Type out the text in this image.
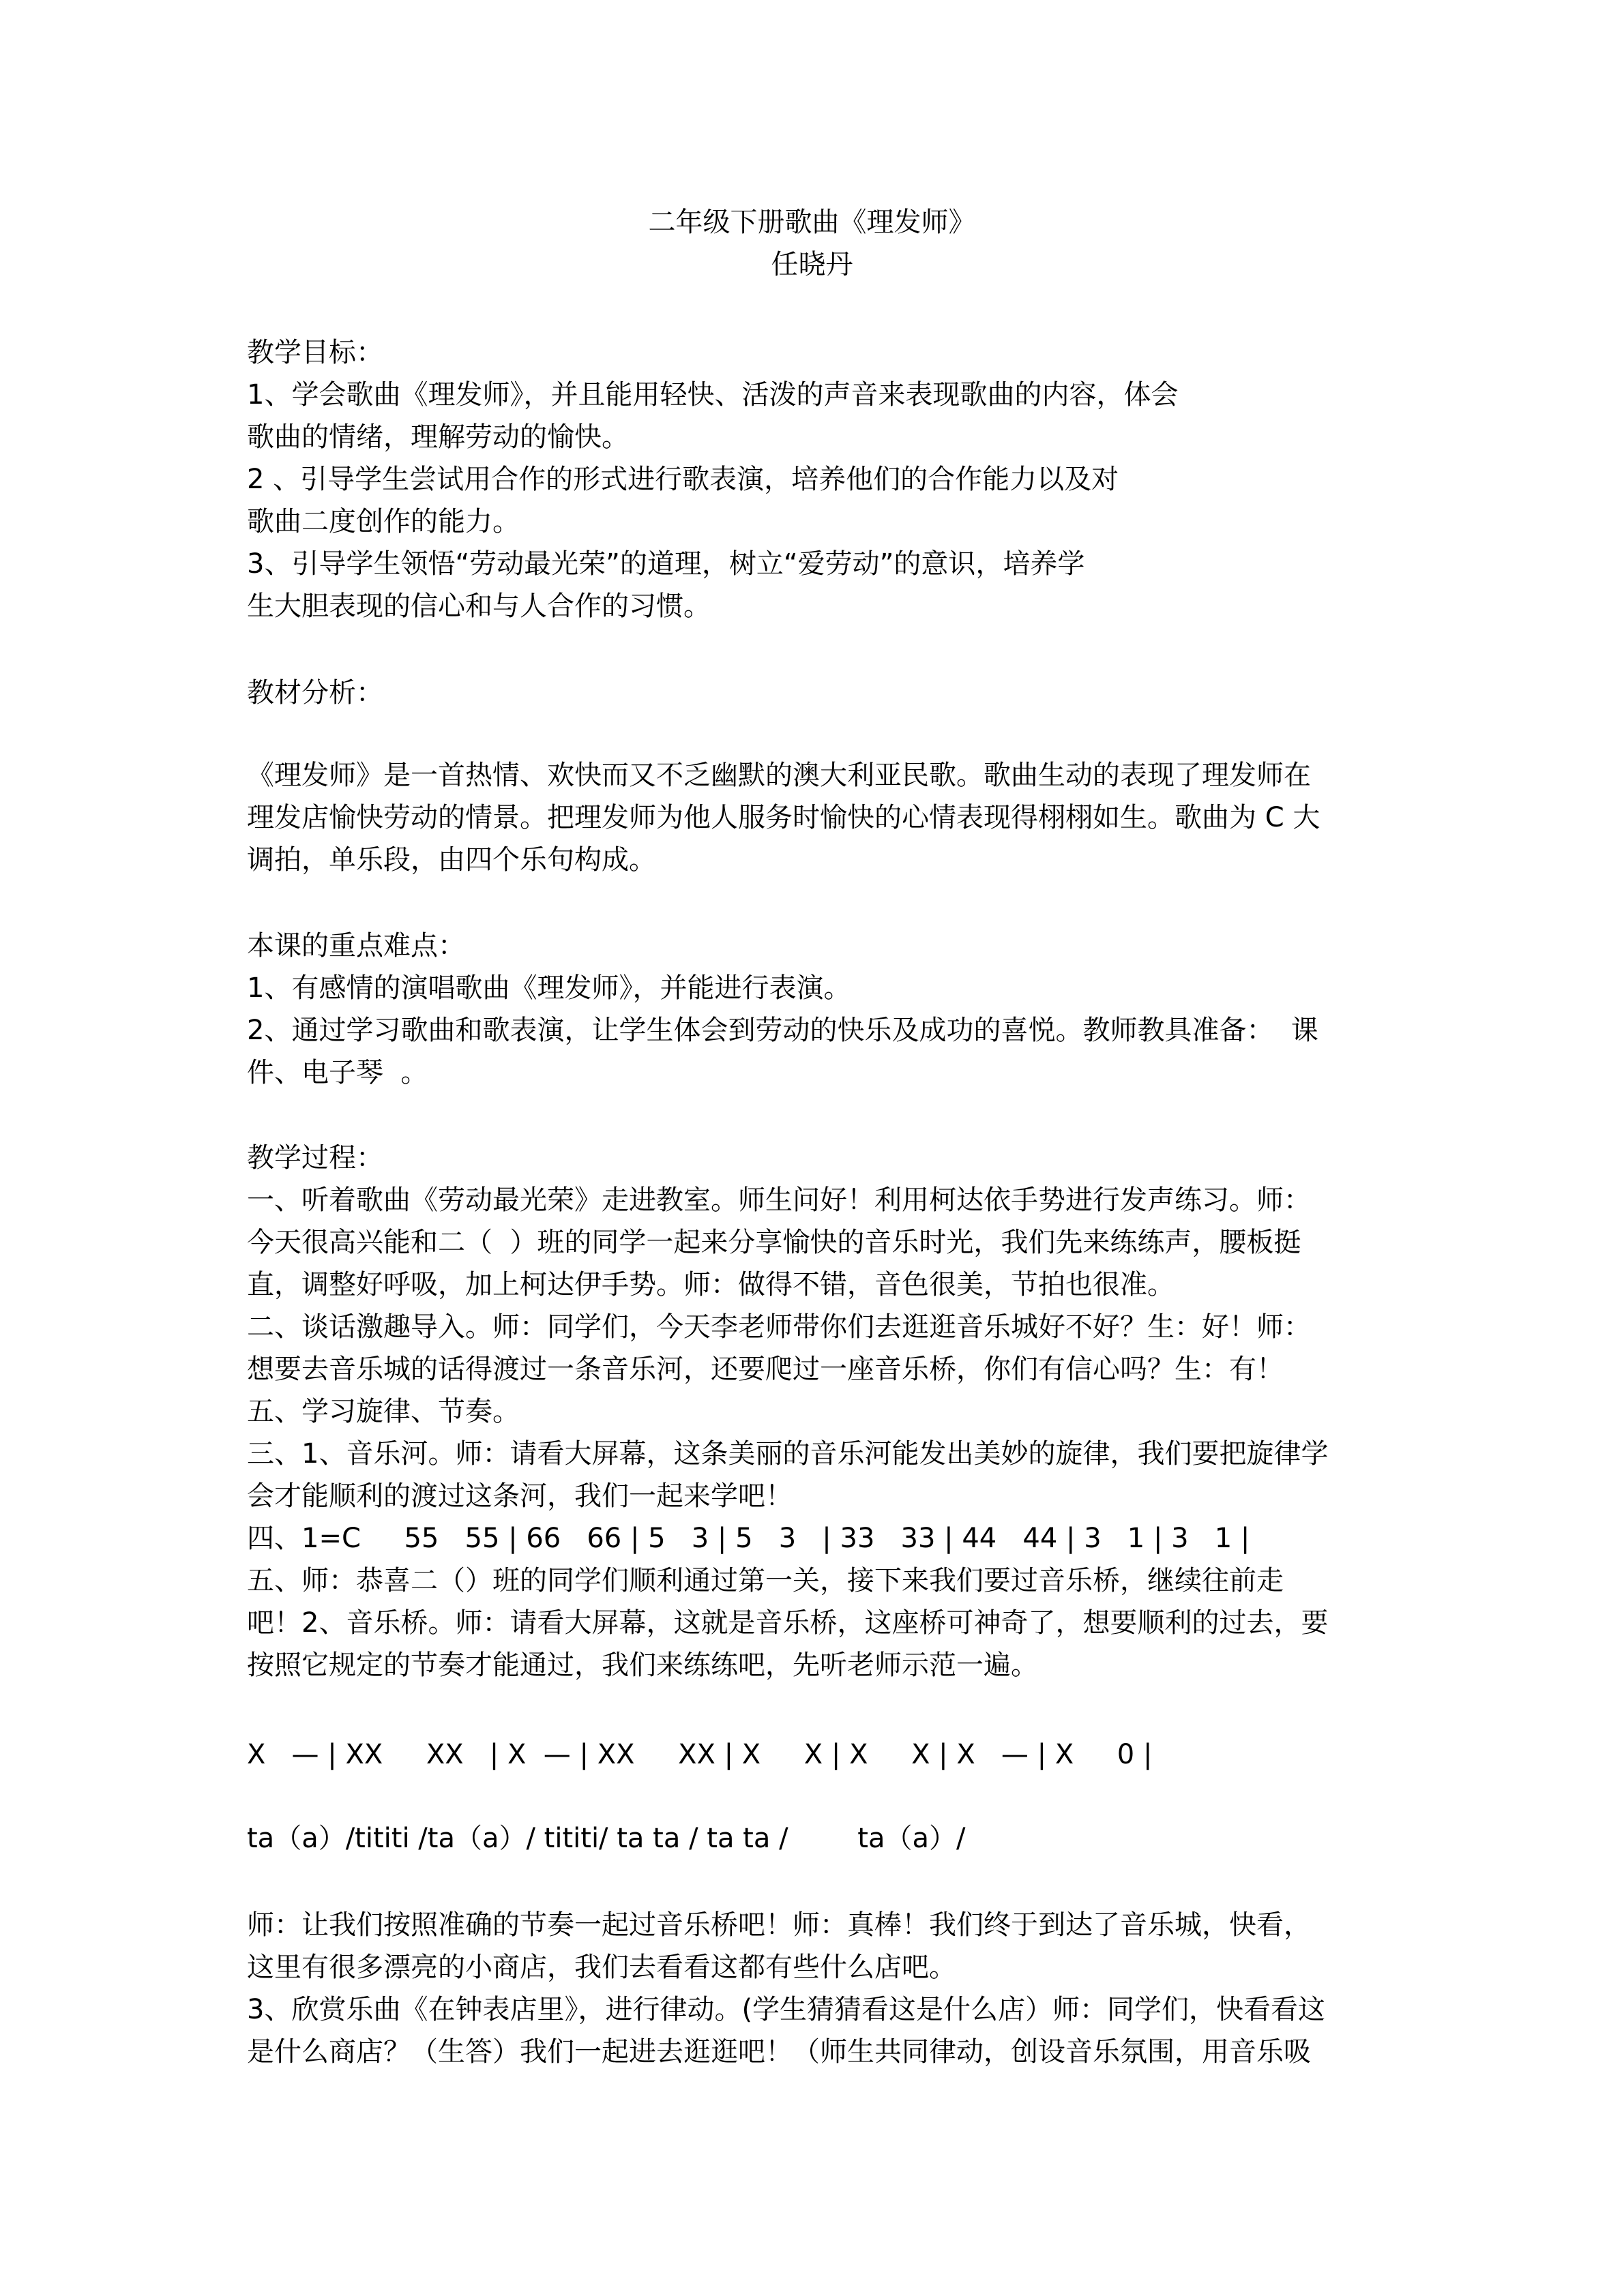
二年级下册歌曲《理发师》
任晓丹
教学目标：
1、学会歌曲《理发师》，并且能用轻快、活泼的声音来表现歌曲的内容，体会
歌曲的情绪，理解劳动的愉快。
2 、引导学生尝试用合作的形式进行歌表演，培养他们的合作能力以及对
歌曲二度创作的能力。
3、引导学生领悟“劳动最光荣”的道理，树立“爱劳动”的意识，培养学
生大胆表现的信心和与人合作的习惯。
教材分析：
《理发师》是一首热情、欢快而又不乏幽默的澳大利亚民歌。歌曲生动的表现了理发师在
理发店愉快劳动的情景。把理发师为他人服务时愉快的心情表现得栩栩如生。歌曲为 C 大
调拍，单乐段，由四个乐句构成。
本课的重点难点：
1、有感情的演唱歌曲《理发师》，并能进行表演。
2、通过学习歌曲和歌表演，让学生体会到劳动的快乐及成功的喜悦。教师教具准备：  课
件、电子琴  。
教学过程：
一、听着歌曲《劳动最光荣》走进教室。师生问好！利用柯达依手势进行发声练习。师：
今天很高兴能和二（  ）班的同学一起来分享愉快的音乐时光，我们先来练练声，腰板挺
直，调整好呼吸，加上柯达伊手势。师：做得不错，音色很美，节拍也很准。
二、谈话激趣导入。师：同学们，今天李老师带你们去逛逛音乐城好不好？生：好！师：
想要去音乐城的话得渡过一条音乐河，还要爬过一座音乐桥，你们有信心吗？生：有！
五、学习旋律、节奏。
三、1、音乐河。师：请看大屏幕，这条美丽的音乐河能发出美妙的旋律，我们要把旋律学
会才能顺利的渡过这条河，我们一起来学吧！
四、1=C     55   55 | 66   66 | 5   3 | 5   3   | 33   33 | 44   44 | 3   1 | 3   1 |
五、师：恭喜二（）班的同学们顺利通过第一关，接下来我们要过音乐桥，继续往前走
吧！2、音乐桥。师：请看大屏幕，这就是音乐桥，这座桥可神奇了，想要顺利的过去，要
按照它规定的节奏才能通过，我们来练练吧，先听老师示范一遍。
X   — | XX     XX   | X  — | XX     XX | X     X | X     X | X   — | X     0 |
ta（a）/tititi /ta（a）/ tititi/ ta ta / ta ta /        ta（a）/
师：让我们按照准确的节奏一起过音乐桥吧！师：真棒！我们终于到达了音乐城，快看，
这里有很多漂亮的小商店，我们去看看这都有些什么店吧。
3、欣赏乐曲《在钟表店里》，进行律动。(学生猜猜看这是什么店）师：同学们，快看看这
是什么商店？（生答）我们一起进去逛逛吧！（师生共同律动，创设音乐氛围，用音乐吸
